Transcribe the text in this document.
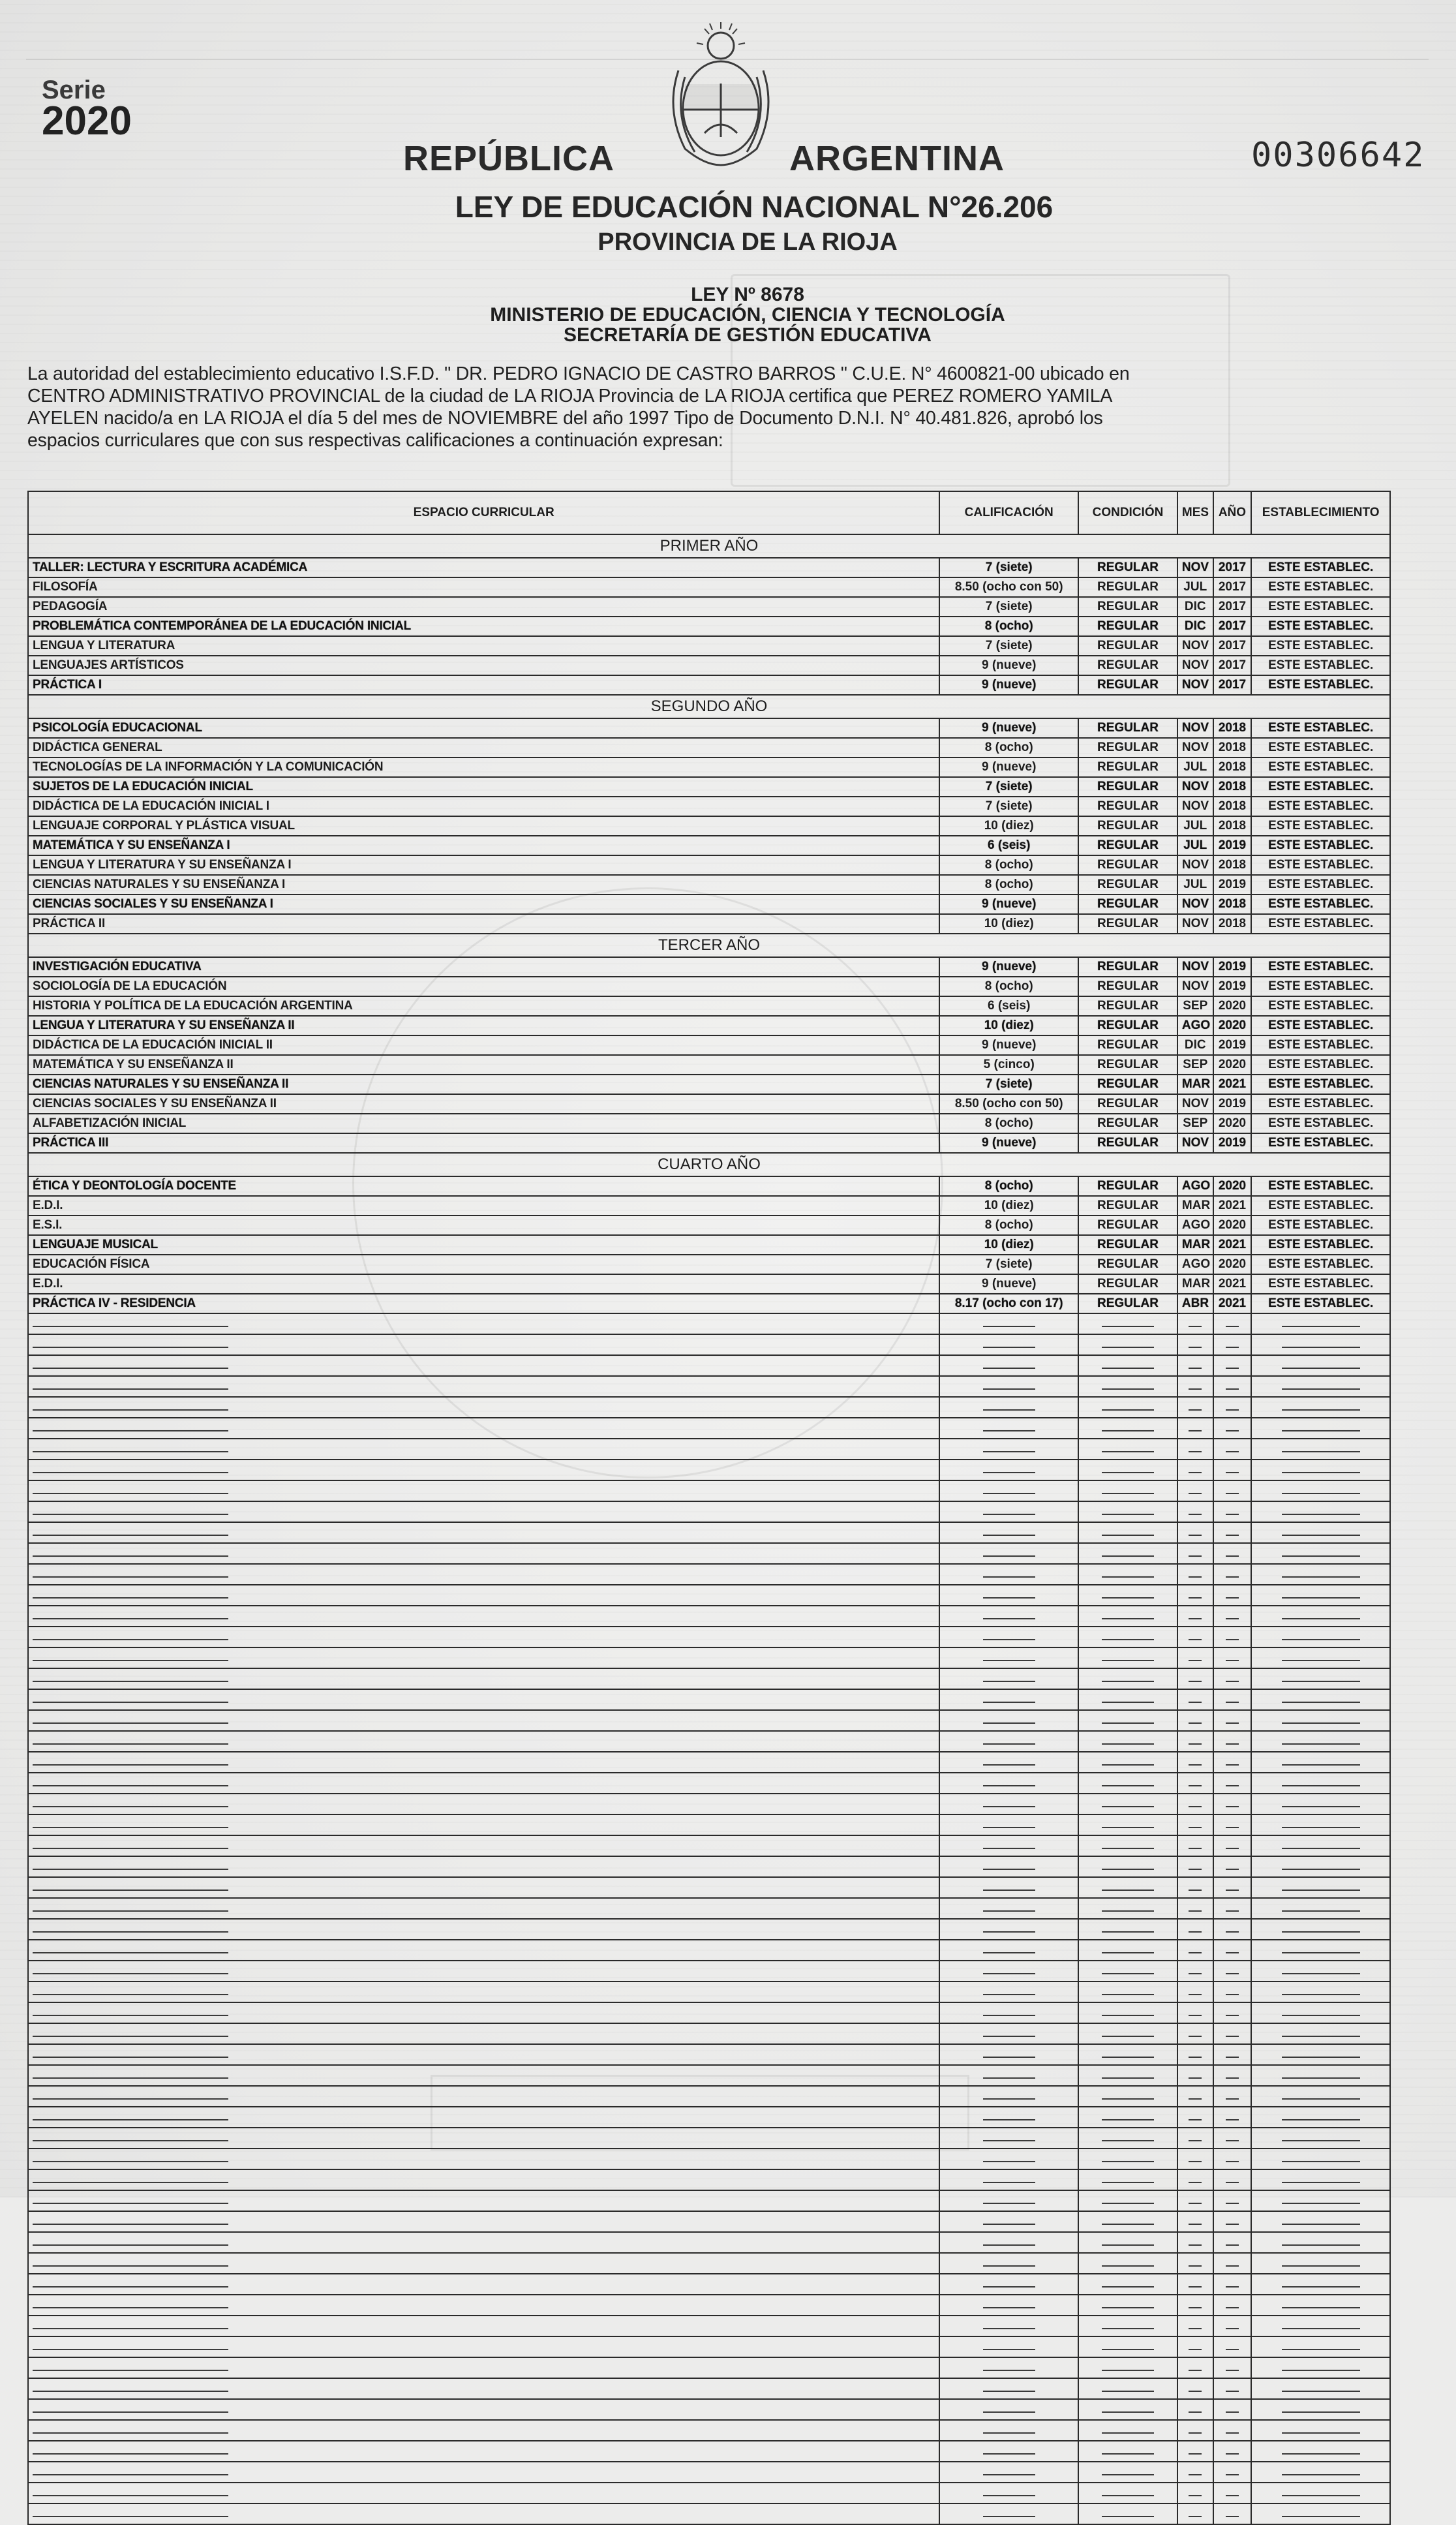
Serie
2020
REPÚBLICA	ARGENTINA	00306642
LEY DE EDUCACIÓN NACIONAL N°26.206
PROVINCIA DE LA RIOJA
LEY Nº 8678
MINISTERIO DE EDUCACIÓN, CIENCIA Y TECNOLOGÍA
SECRETARÍA DE GESTIÓN EDUCATIVA
La autoridad del establecimiento educativo I.S.F.D. " DR. PEDRO IGNACIO DE CASTRO BARROS " C.U.E. N° 4600821-00 ubicado en
CENTRO ADMINISTRATIVO PROVINCIAL de la ciudad de LA RIOJA Provincia de LA RIOJA certifica que PEREZ ROMERO YAMILA
AYELEN nacido/a en LA RIOJA el día 5 del mes de NOVIEMBRE del año 1997 Tipo de Documento D.N.I. N° 40.481.826, aprobó los
espacios curriculares que con sus respectivas calificaciones a continuación expresan:
ESPACIO CURRICULAR	CALIFICACIÓN	CONDICIÓN	MES	AÑO	ESTABLECIMIENTO
PRIMER AÑO					
TALLER: LECTURA Y ESCRITURA ACADÉMICA	7 (siete)	REGULAR	NOV	2017	ESTE ESTABLEC.
FILOSOFÍA	8.50 (ocho con 50)	REGULAR	JUL	2017	ESTE ESTABLEC.
PEDAGOGÍA	7 (siete)	REGULAR	DIC	2017	ESTE ESTABLEC.
PROBLEMÁTICA CONTEMPORÁNEA DE LA EDUCACIÓN INICIAL	8 (ocho)	REGULAR	DIC	2017	ESTE ESTABLEC.
LENGUA Y LITERATURA	7 (siete)	REGULAR	NOV	2017	ESTE ESTABLEC.
LENGUAJES ARTÍSTICOS	9 (nueve)	REGULAR	NOV	2017	ESTE ESTABLEC.
PRÁCTICA I	9 (nueve)	REGULAR	NOV	2017	ESTE ESTABLEC.
SEGUNDO AÑO					
PSICOLOGÍA EDUCACIONAL	9 (nueve)	REGULAR	NOV	2018	ESTE ESTABLEC.
DIDÁCTICA GENERAL	8 (ocho)	REGULAR	NOV	2018	ESTE ESTABLEC.
TECNOLOGÍAS DE LA INFORMACIÓN Y LA COMUNICACIÓN	9 (nueve)	REGULAR	JUL	2018	ESTE ESTABLEC.
SUJETOS DE LA EDUCACIÓN INICIAL	7 (siete)	REGULAR	NOV	2018	ESTE ESTABLEC.
DIDÁCTICA DE LA EDUCACIÓN INICIAL I	7 (siete)	REGULAR	NOV	2018	ESTE ESTABLEC.
LENGUAJE CORPORAL Y PLÁSTICA VISUAL	10 (diez)	REGULAR	JUL	2018	ESTE ESTABLEC.
MATEMÁTICA Y SU ENSEÑANZA I	6 (seis)	REGULAR	JUL	2019	ESTE ESTABLEC.
LENGUA Y LITERATURA Y SU ENSEÑANZA I	8 (ocho)	REGULAR	NOV	2018	ESTE ESTABLEC.
CIENCIAS NATURALES Y SU ENSEÑANZA I	8 (ocho)	REGULAR	JUL	2019	ESTE ESTABLEC.
CIENCIAS SOCIALES Y SU ENSEÑANZA I	9 (nueve)	REGULAR	NOV	2018	ESTE ESTABLEC.
PRÁCTICA II	10 (diez)	REGULAR	NOV	2018	ESTE ESTABLEC.
TERCER AÑO					
INVESTIGACIÓN EDUCATIVA	9 (nueve)	REGULAR	NOV	2019	ESTE ESTABLEC.
SOCIOLOGÍA DE LA EDUCACIÓN	8 (ocho)	REGULAR	NOV	2019	ESTE ESTABLEC.
HISTORIA Y POLÍTICA DE LA EDUCACIÓN ARGENTINA	6 (seis)	REGULAR	SEP	2020	ESTE ESTABLEC.
LENGUA Y LITERATURA Y SU ENSEÑANZA II	10 (diez)	REGULAR	AGO	2020	ESTE ESTABLEC.
DIDÁCTICA DE LA EDUCACIÓN INICIAL II	9 (nueve)	REGULAR	DIC	2019	ESTE ESTABLEC.
MATEMÁTICA Y SU ENSEÑANZA II	5 (cinco)	REGULAR	SEP	2020	ESTE ESTABLEC.
CIENCIAS NATURALES Y SU ENSEÑANZA II	7 (siete)	REGULAR	MAR	2021	ESTE ESTABLEC.
CIENCIAS SOCIALES Y SU ENSEÑANZA II	8.50 (ocho con 50)	REGULAR	NOV	2019	ESTE ESTABLEC.
ALFABETIZACIÓN INICIAL	8 (ocho)	REGULAR	SEP	2020	ESTE ESTABLEC.
PRÁCTICA III	9 (nueve)	REGULAR	NOV	2019	ESTE ESTABLEC.
CUARTO AÑO					
ÉTICA Y DEONTOLOGÍA DOCENTE	8 (ocho)	REGULAR	AGO	2020	ESTE ESTABLEC.
E.D.I.	10 (diez)	REGULAR	MAR	2021	ESTE ESTABLEC.
E.S.I.	8 (ocho)	REGULAR	AGO	2020	ESTE ESTABLEC.
LENGUAJE MUSICAL	10 (diez)	REGULAR	MAR	2021	ESTE ESTABLEC.
EDUCACIÓN FÍSICA	7 (siete)	REGULAR	AGO	2020	ESTE ESTABLEC.
E.D.I.	9 (nueve)	REGULAR	MAR	2021	ESTE ESTABLEC.
PRÁCTICA IV - RESIDENCIA	8.17 (ocho con 17)	REGULAR	ABR	2021	ESTE ESTABLEC.
